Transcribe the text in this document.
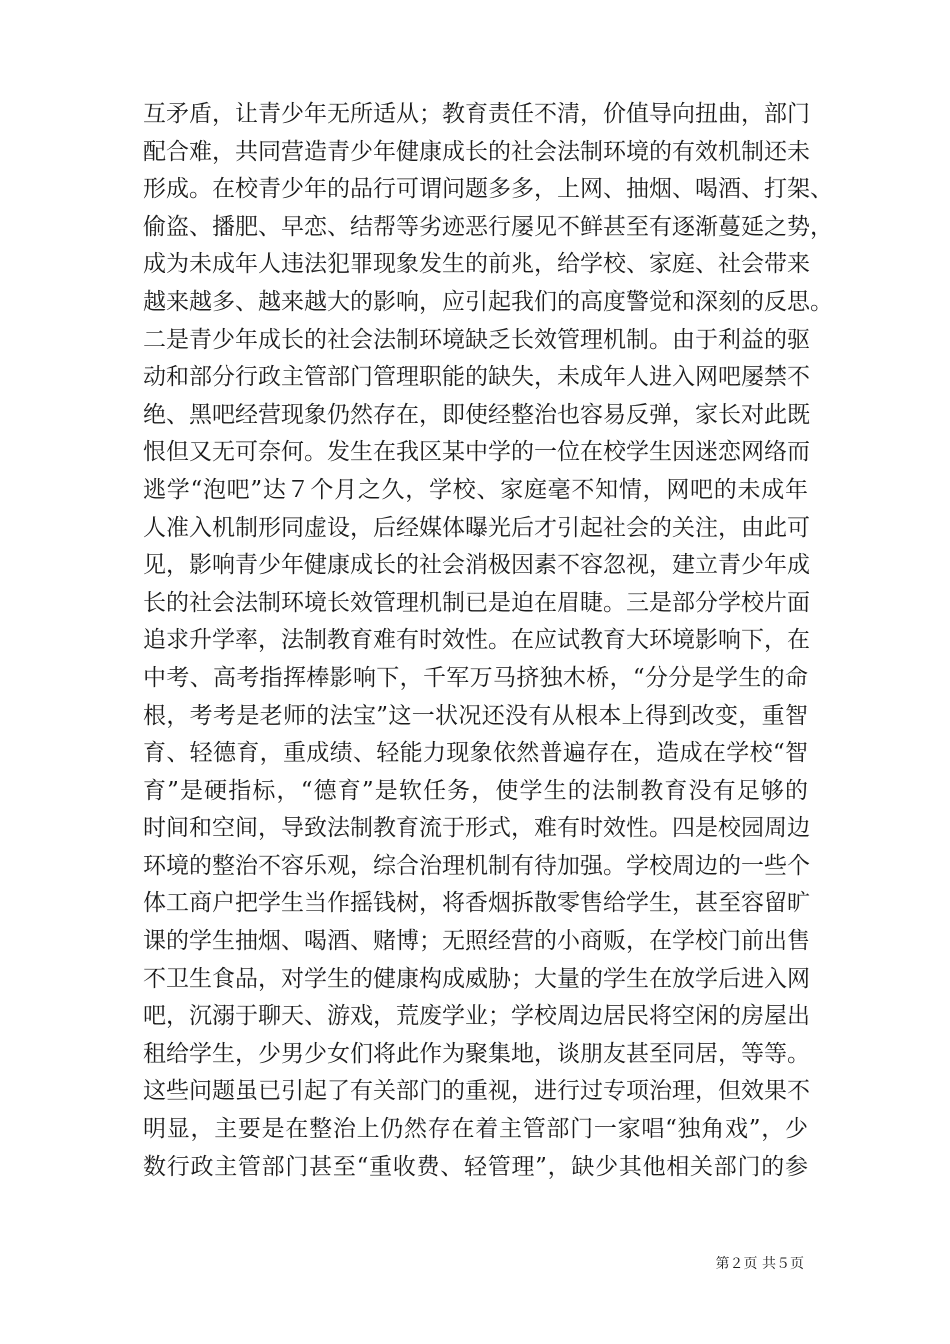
互矛盾，让青少年无所适从；教育责任不清，价值导向扭曲，部门
配合难，共同营造青少年健康成长的社会法制环境的有效机制还未
形成。在校青少年的品行可谓问题多多，上网、抽烟、喝酒、打架、
偷盗、播肥、早恋、结帮等劣迹恶行屡见不鲜甚至有逐渐蔓延之势，
成为未成年人违法犯罪现象发生的前兆，给学校、家庭、社会带来
越来越多、越来越大的影响，应引起我们的高度警觉和深刻的反思。
二是青少年成长的社会法制环境缺乏长效管理机制。由于利益的驱
动和部分行政主管部门管理职能的缺失，未成年人进入网吧屡禁不
绝、黑吧经营现象仍然存在，即使经整治也容易反弹，家长对此既
恨但又无可奈何。发生在我区某中学的一位在校学生因迷恋网络而
逃学“泡吧”达７个月之久，学校、家庭毫不知情，网吧的未成年
人准入机制形同虚设，后经媒体曝光后才引起社会的关注，由此可
见，影响青少年健康成长的社会消极因素不容忽视，建立青少年成
长的社会法制环境长效管理机制已是迫在眉睫。三是部分学校片面
追求升学率，法制教育难有时效性。在应试教育大环境影响下，在
中考、高考指挥棒影响下，千军万马挤独木桥，“分分是学生的命
根，考考是老师的法宝”这一状况还没有从根本上得到改变，重智
育、轻德育，重成绩、轻能力现象依然普遍存在，造成在学校“智
育”是硬指标，“德育”是软任务，使学生的法制教育没有足够的
时间和空间，导致法制教育流于形式，难有时效性。四是校园周边
环境的整治不容乐观，综合治理机制有待加强。学校周边的一些个
体工商户把学生当作摇钱树，将香烟拆散零售给学生，甚至容留旷
课的学生抽烟、喝酒、赌博；无照经营的小商贩，在学校门前出售
不卫生食品，对学生的健康构成威胁；大量的学生在放学后进入网
吧，沉溺于聊天、游戏，荒废学业；学校周边居民将空闲的房屋出
租给学生，少男少女们将此作为聚集地，谈朋友甚至同居，等等。
这些问题虽已引起了有关部门的重视，进行过专项治理，但效果不
明显，主要是在整治上仍然存在着主管部门一家唱“独角戏”，少
数行政主管部门甚至“重收费、轻管理”，缺少其他相关部门的参
第２页 共５页
